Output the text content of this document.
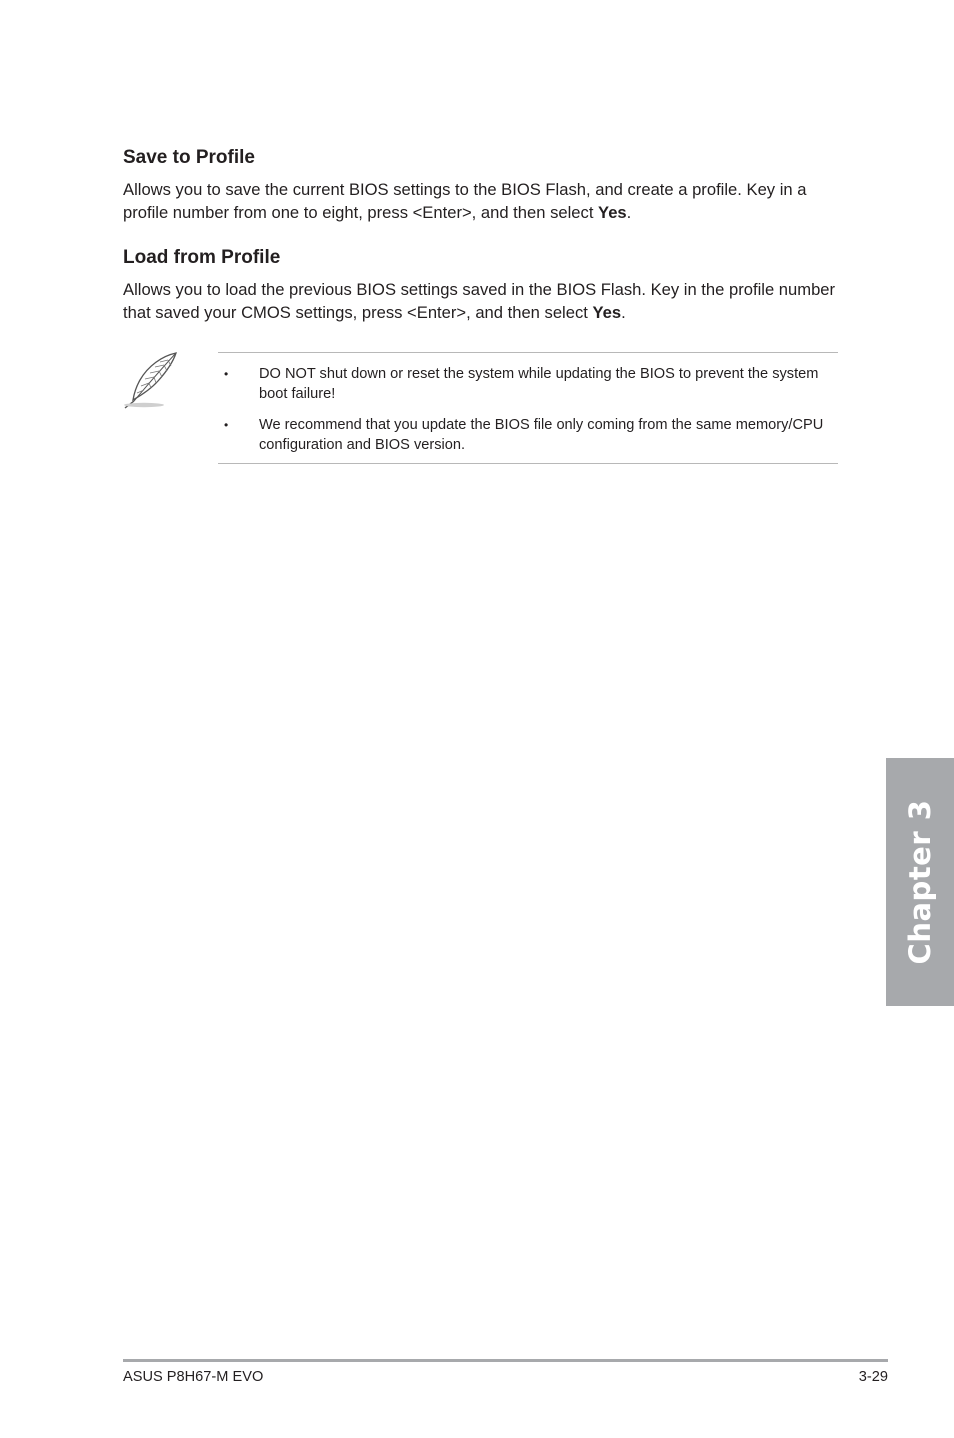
Save to Profile

Allows you to save the current BIOS settings to the BIOS Flash, and create a profile. Key in a profile number from one to eight, press <Enter>, and then select Yes.

Load from Profile

Allows you to load the previous BIOS settings saved in the BIOS Flash. Key in the profile number that saved your CMOS settings, press <Enter>, and then select Yes.

• DO NOT shut down or reset the system while updating the BIOS to prevent the system boot failure!
• We recommend that you update the BIOS file only coming from the same memory/CPU configuration and BIOS version.
Chapter 3
ASUS P8H67-M EVO	3-29
